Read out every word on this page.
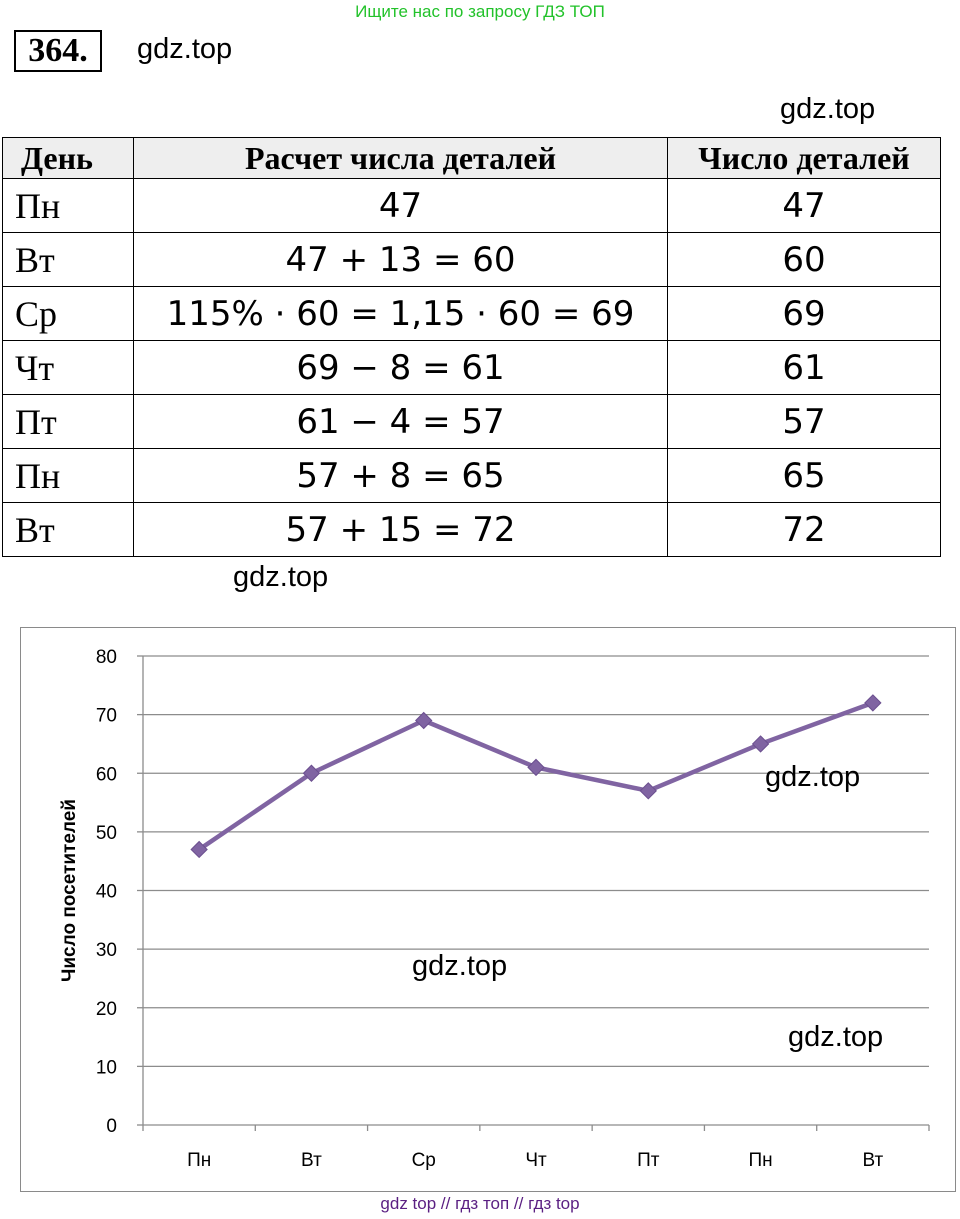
Ищите нас по запросу ГДЗ ТОП
364.	gdz.top
gdz.top
День	Расчет числа деталей	Число деталей
Пн	47	47
Вт	47 + 13 = 60	60
Ср	115% · 60 = 1,15 · 60 = 69	69
Чт	69 − 8 = 61	61
Пт	61 − 4 = 57	57
Пн	57 + 8 = 65	65
Вт	57 + 15 = 72	72
gdz.top
0
10
20
30
40
50
60
70
80
Пн	Вт	Ср	Чт	Пт	Пн	Вт
Число посетителей
gdz.top
gdz.top
gdz.top
gdz top // гдз топ // гдз top
